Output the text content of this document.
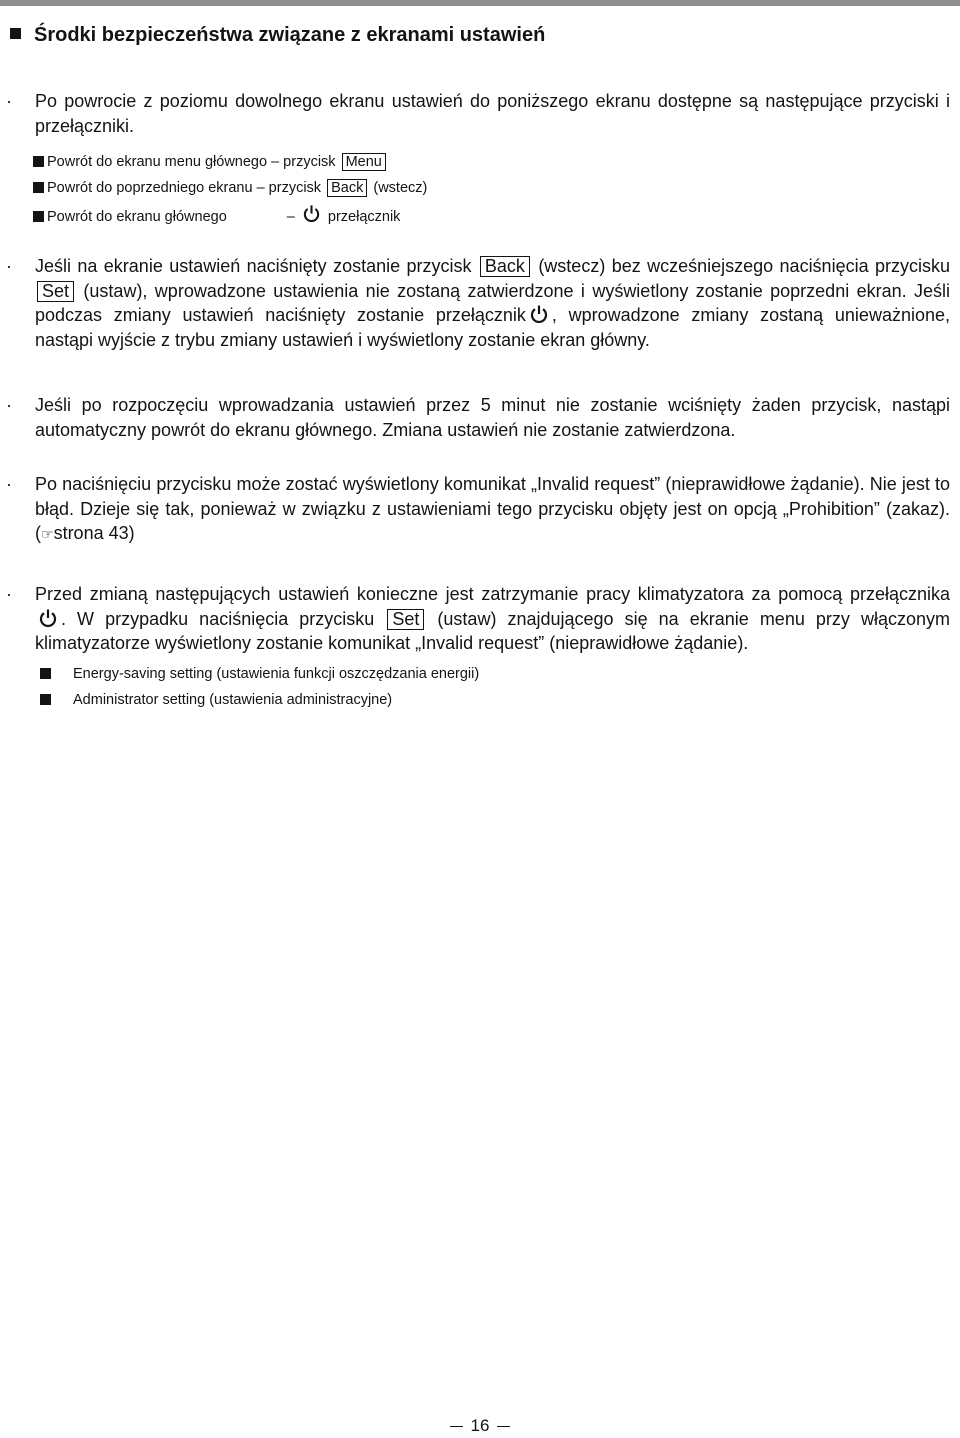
Środki bezpieczeństwa związane z ekranami ustawień
· Po powrocie z poziomu dowolnego ekranu ustawień do poniższego ekranu dostępne są następujące przyciski i przełączniki.
Powrót do ekranu menu głównego – przycisk Menu
Powrót do poprzedniego ekranu – przycisk Back (wstecz)
Powrót do ekranu głównego	– przełącznik
· Jeśli na ekranie ustawień naciśnięty zostanie przycisk Back (wstecz) bez wcześniejszego naciśnięcia przycisku Set (ustaw), wprowadzone ustawienia nie zostaną zatwierdzone i wyświetlony zostanie poprzedni ekran. Jeśli podczas zmiany ustawień naciśnięty zostanie przełącznik , wprowadzone zmiany zostaną unieważnione, nastąpi wyjście z trybu zmiany ustawień i wyświetlony zostanie ekran główny.
· Jeśli po rozpoczęciu wprowadzania ustawień przez 5 minut nie zostanie wciśnięty żaden przycisk, nastąpi automatyczny powrót do ekranu głównego. Zmiana ustawień nie zostanie zatwierdzona.
· Po naciśnięciu przycisku może zostać wyświetlony komunikat „Invalid request” (nieprawidłowe żądanie). Nie jest to błąd. Dzieje się tak, ponieważ w związku z ustawieniami tego przycisku objęty jest on opcją „Prohibition” (zakaz). (☞strona 43)
· Przed zmianą następujących ustawień konieczne jest zatrzymanie pracy klimatyzatora za pomocą przełącznika . W przypadku naciśnięcia przycisku Set (ustaw) znajdującego się na ekranie menu przy włączonym klimatyzatorze wyświetlony zostanie komunikat „Invalid request” (nieprawidłowe żądanie).
Energy-saving setting (ustawienia funkcji oszczędzania energii)
Administrator setting (ustawienia administracyjne)
16
